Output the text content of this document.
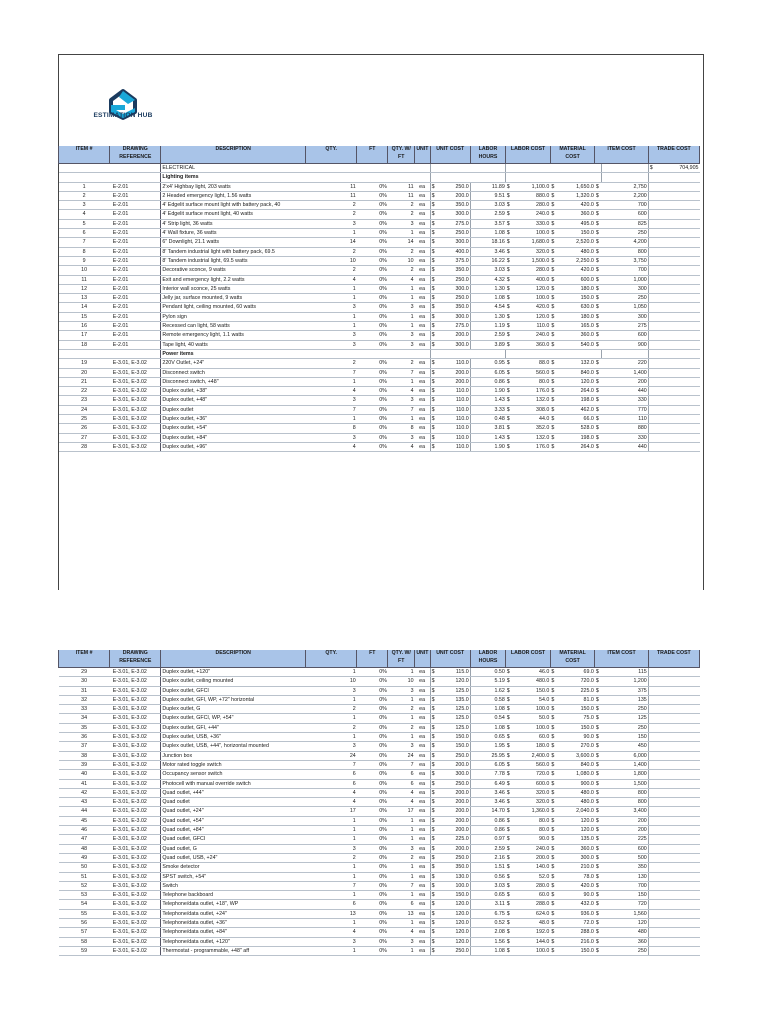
ESTIMATION HUB
ITEM #	DRAWING REFERENCE	DESCRIPTION	QTY.	FT	QTY. W/ FT	UNIT	UNIT COST		LABOR HOURS	LABOR COST		MATERIAL COST		ITEM COST		TRADE COST	
		ELECTRICAL														$	704,905
		Lighting items															
1	E-2.01	2'x4' Highbay light, 203 watts	11	0%	11	ea	$	250.0	11.89	$	1,100.0	$	1,650.0	$	2,750		
2	E-2.01	2 Headed emergency light, 1.56 watts	11	0%	11	ea	$	200.0	9.51	$	880.0	$	1,320.0	$	2,200		
3	E-2.01	4' Edgelit surface mount light with battery pack, 40	2	0%	2	ea	$	350.0	3.03	$	280.0	$	420.0	$	700		
4	E-2.01	4' Edgelit surface mount light, 40 watts	2	0%	2	ea	$	300.0	2.59	$	240.0	$	360.0	$	600		
5	E-2.01	4' Strip light, 36 watts	3	0%	3	ea	$	275.0	3.57	$	330.0	$	495.0	$	825		
6	E-2.01	4' Wall fixture, 36 watts	1	0%	1	ea	$	250.0	1.08	$	100.0	$	150.0	$	250		
7	E-2.01	6" Downlight, 21.1 watts	14	0%	14	ea	$	300.0	18.16	$	1,680.0	$	2,520.0	$	4,200		
8	E-2.01	8' Tandem industrial light with battery pack, 69.5	2	0%	2	ea	$	400.0	3.46	$	320.0	$	480.0	$	800		
9	E-2.01	8' Tandem industrial light, 69.5 watts	10	0%	10	ea	$	375.0	16.22	$	1,500.0	$	2,250.0	$	3,750		
10	E-2.01	Decorative sconce, 9 watts	2	0%	2	ea	$	350.0	3.03	$	280.0	$	420.0	$	700		
11	E-2.01	Exit and emergency light, 2.2 watts	4	0%	4	ea	$	250.0	4.32	$	400.0	$	600.0	$	1,000		
12	E-2.01	Interior wall sconce, 25 watts	1	0%	1	ea	$	300.0	1.30	$	120.0	$	180.0	$	300		
13	E-2.01	Jelly jar, surface mounted, 9 watts	1	0%	1	ea	$	250.0	1.08	$	100.0	$	150.0	$	250		
14	E-2.01	Pendant light, ceiling mounted, 60 watts	3	0%	3	ea	$	350.0	4.54	$	420.0	$	630.0	$	1,050		
15	E-2.01	Pylon sign	1	0%	1	ea	$	300.0	1.30	$	120.0	$	180.0	$	300		
16	E-2.01	Recessed can light, 58 watts	1	0%	1	ea	$	275.0	1.19	$	110.0	$	165.0	$	275		
17	E-2.01	Remote emergency light, 1.1 watts	3	0%	3	ea	$	200.0	2.59	$	240.0	$	360.0	$	600		
18	E-2.01	Tape light, 40 watts	3	0%	3	ea	$	300.0	3.89	$	360.0	$	540.0	$	900		
		Power items															
19	E-3.01, E-3.02	220V Outlet, +24"	2	0%	2	ea	$	110.0	0.95	$	88.0	$	132.0	$	220		
20	E-3.01, E-3.02	Disconnect switch	7	0%	7	ea	$	200.0	6.05	$	560.0	$	840.0	$	1,400		
21	E-3.01, E-3.02	Disconnect switch, +48"	1	0%	1	ea	$	200.0	0.86	$	80.0	$	120.0	$	200		
22	E-3.01, E-3.02	Duplex outlet, +38"	4	0%	4	ea	$	110.0	1.90	$	176.0	$	264.0	$	440		
23	E-3.01, E-3.02	Duplex outlet, +48"	3	0%	3	ea	$	110.0	1.43	$	132.0	$	198.0	$	330		
24	E-3.01, E-3.02	Duplex outlet	7	0%	7	ea	$	110.0	3.33	$	308.0	$	462.0	$	770		
25	E-3.01, E-3.02	Duplex outlet, +36"	1	0%	1	ea	$	110.0	0.48	$	44.0	$	66.0	$	110		
26	E-3.01, E-3.02	Duplex outlet, +54"	8	0%	8	ea	$	110.0	3.81	$	352.0	$	528.0	$	880		
27	E-3.01, E-3.02	Duplex outlet, +84"	3	0%	3	ea	$	110.0	1.43	$	132.0	$	198.0	$	330		
28	E-3.01, E-3.02	Duplex outlet, +96"	4	0%	4	ea	$	110.0	1.90	$	176.0	$	264.0	$	440		
ITEM #	DRAWING REFERENCE	DESCRIPTION	QTY.	FT	QTY. W/ FT	UNIT	UNIT COST		LABOR HOURS	LABOR COST		MATERIAL COST		ITEM COST		TRADE COST	
29	E-3.01, E-3.02	Duplex outlet, +120"	1	0%	1	ea	$	115.0	0.50	$	46.0	$	69.0	$	115		
30	E-3.01, E-3.02	Duplex outlet, ceiling mounted	10	0%	10	ea	$	120.0	5.19	$	480.0	$	720.0	$	1,200		
31	E-3.01, E-3.02	Duplex outlet, GFCI	3	0%	3	ea	$	125.0	1.62	$	150.0	$	225.0	$	375		
32	E-3.01, E-3.02	Duplex outlet, GFI, WP, +72" horizontal	1	0%	1	ea	$	135.0	0.58	$	54.0	$	81.0	$	135		
33	E-3.01, E-3.02	Duplex outlet, G	2	0%	2	ea	$	125.0	1.08	$	100.0	$	150.0	$	250		
34	E-3.01, E-3.02	Duplex outlet, GFCI, WP, +54"	1	0%	1	ea	$	125.0	0.54	$	50.0	$	75.0	$	125		
35	E-3.01, E-3.02	Duplex outlet, GFI, +44"	2	0%	2	ea	$	125.0	1.08	$	100.0	$	150.0	$	250		
36	E-3.01, E-3.02	Duplex outlet, USB, +36"	1	0%	1	ea	$	150.0	0.65	$	60.0	$	90.0	$	150		
37	E-3.01, E-3.02	Duplex outlet, USB, +44", horizontal mounted	3	0%	3	ea	$	150.0	1.95	$	180.0	$	270.0	$	450		
38	E-3.01, E-3.02	Junction box	24	0%	24	ea	$	250.0	25.95	$	2,400.0	$	3,600.0	$	6,000		
39	E-3.01, E-3.02	Motor rated toggle switch	7	0%	7	ea	$	200.0	6.05	$	560.0	$	840.0	$	1,400		
40	E-3.01, E-3.02	Occupancy sensor switch	6	0%	6	ea	$	300.0	7.78	$	720.0	$	1,080.0	$	1,800		
41	E-3.01, E-3.02	Photocell with manual override switch	6	0%	6	ea	$	250.0	6.49	$	600.0	$	900.0	$	1,500		
42	E-3.01, E-3.02	Quad outlet, +44"	4	0%	4	ea	$	200.0	3.46	$	320.0	$	480.0	$	800		
43	E-3.01, E-3.02	Quad outlet	4	0%	4	ea	$	200.0	3.46	$	320.0	$	480.0	$	800		
44	E-3.01, E-3.02	Quad outlet, +24"	17	0%	17	ea	$	200.0	14.70	$	1,360.0	$	2,040.0	$	3,400		
45	E-3.01, E-3.02	Quad outlet, +54"	1	0%	1	ea	$	200.0	0.86	$	80.0	$	120.0	$	200		
46	E-3.01, E-3.02	Quad outlet, +84"	1	0%	1	ea	$	200.0	0.86	$	80.0	$	120.0	$	200		
47	E-3.01, E-3.02	Quad outlet, GFCI	1	0%	1	ea	$	225.0	0.97	$	90.0	$	135.0	$	225		
48	E-3.01, E-3.02	Quad outlet, G	3	0%	3	ea	$	200.0	2.59	$	240.0	$	360.0	$	600		
49	E-3.01, E-3.02	Quad outlet, USB, +24"	2	0%	2	ea	$	250.0	2.16	$	200.0	$	300.0	$	500		
50	E-3.01, E-3.02	Smoke detector	1	0%	1	ea	$	350.0	1.51	$	140.0	$	210.0	$	350		
51	E-3.01, E-3.02	SPST switch, +54"	1	0%	1	ea	$	130.0	0.56	$	52.0	$	78.0	$	130		
52	E-3.01, E-3.02	Switch	7	0%	7	ea	$	100.0	3.03	$	280.0	$	420.0	$	700		
53	E-3.01, E-3.02	Telephone backboard	1	0%	1	ea	$	150.0	0.65	$	60.0	$	90.0	$	150		
54	E-3.01, E-3.02	Telephone/data outlet, +18", WP	6	0%	6	ea	$	120.0	3.11	$	288.0	$	432.0	$	720		
55	E-3.01, E-3.02	Telephone/data outlet, +24"	13	0%	13	ea	$	120.0	6.75	$	624.0	$	936.0	$	1,560		
56	E-3.01, E-3.02	Telephone/data outlet, +36"	1	0%	1	ea	$	120.0	0.52	$	48.0	$	72.0	$	120		
57	E-3.01, E-3.02	Telephone/data outlet, +84"	4	0%	4	ea	$	120.0	2.08	$	192.0	$	288.0	$	480		
58	E-3.01, E-3.02	Telephone/data outlet, +120"	3	0%	3	ea	$	120.0	1.56	$	144.0	$	216.0	$	360		
59	E-3.01, E-3.02	Thermostat - programmable, +48" aff	1	0%	1	ea	$	250.0	1.08	$	100.0	$	150.0	$	250		
